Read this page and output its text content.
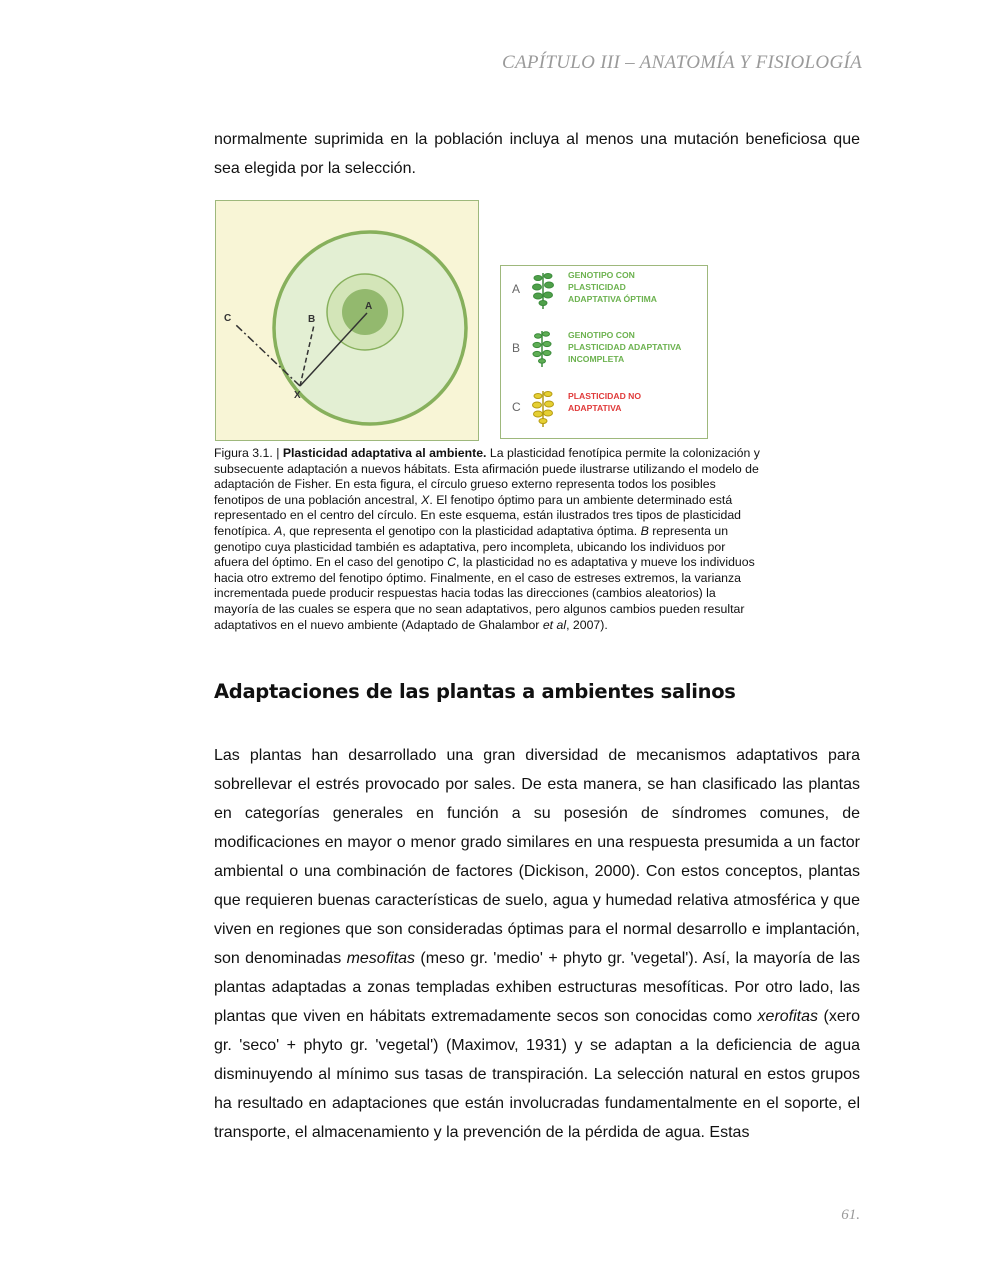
CAPÍTULO III – ANATOMÍA Y FISIOLOGÍA

normalmente suprimida en la población incluya al menos una mutación beneficiosa que sea elegida por la selección.

A
B
C
X
A
GENOTIPO CON
PLASTICIDAD
ADAPTATIVA ÓPTIMA
B
GENOTIPO CON
PLASTICIDAD ADAPTATIVA
INCOMPLETA
C
PLASTICIDAD NO
ADAPTATIVA

Figura 3.1. | Plasticidad adaptativa al ambiente. La plasticidad fenotípica permite la colonización y subsecuente adaptación a nuevos hábitats. Esta afirmación puede ilustrarse utilizando el modelo de adaptación de Fisher. En esta figura, el círculo grueso externo representa todos los posibles fenotipos de una población ancestral, X. El fenotipo óptimo para un ambiente determinado está representado en el centro del círculo. En este esquema, están ilustrados tres tipos de plasticidad fenotípica. A, que representa el genotipo con la plasticidad adaptativa óptima. B representa un genotipo cuya plasticidad también es adaptativa, pero incompleta, ubicando los individuos por afuera del óptimo. En el caso del genotipo C, la plasticidad no es adaptativa y mueve los individuos hacia otro extremo del fenotipo óptimo. Finalmente, en el caso de estreses extremos, la varianza incrementada puede producir respuestas hacia todas las direcciones (cambios aleatorios) la mayoría de las cuales se espera que no sean adaptativos, pero algunos cambios pueden resultar adaptativos en el nuevo ambiente (Adaptado de Ghalambor et al, 2007).

Adaptaciones de las plantas a ambientes salinos

Las plantas han desarrollado una gran diversidad de mecanismos adaptativos para sobrellevar el estrés provocado por sales. De esta manera, se han clasificado las plantas en categorías generales en función a su posesión de síndromes comunes, de modificaciones en mayor o menor grado similares en una respuesta presumida a un factor ambiental o una combinación de factores (Dickison, 2000). Con estos conceptos, plantas que requieren buenas características de suelo, agua y humedad relativa atmosférica y que viven en regiones que son consideradas óptimas para el normal desarrollo e implantación, son denominadas mesofitas (meso gr. 'medio' + phyto gr. 'vegetal'). Así, la mayoría de las plantas adaptadas a zonas templadas exhiben estructuras mesofíticas. Por otro lado, las plantas que viven en hábitats extremadamente secos son conocidas como xerofitas (xero gr. 'seco' + phyto gr. 'vegetal') (Maximov, 1931) y se adaptan a la deficiencia de agua disminuyendo al mínimo sus tasas de transpiración. La selección natural en estos grupos ha resultado en adaptaciones que están involucradas fundamentalmente en el soporte, el transporte, el almacenamiento y la prevención de la pérdida de agua. Estas

61.
